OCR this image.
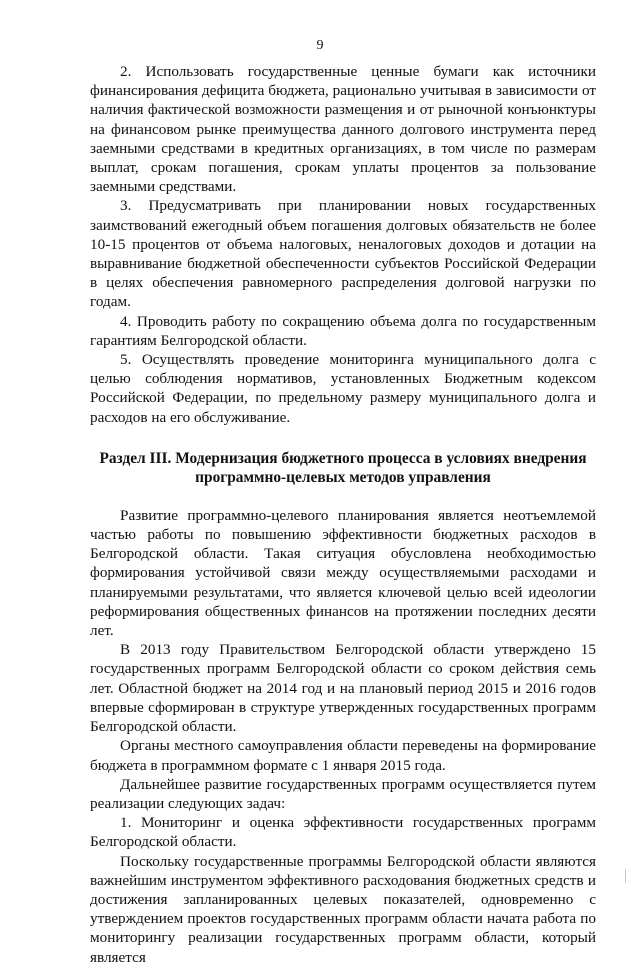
9

2. Использовать государственные ценные бумаги как источники финансирования дефицита бюджета, рационально учитывая в зависимости от наличия фактической возможности размещения и от рыночной конъюнктуры на финансовом рынке преимущества данного долгового инструмента перед заемными средствами в кредитных организациях, в том числе по размерам выплат, срокам погашения, срокам уплаты процентов за пользование заемными средствами.

3. Предусматривать при планировании новых государственных заимствований ежегодный объем погашения долговых обязательств не более 10-15 процентов от объема налоговых, неналоговых доходов и дотации на выравнивание бюджетной обеспеченности субъектов Российской Федерации в целях обеспечения равномерного распределения долговой нагрузки по годам.

4. Проводить работу по сокращению объема долга по государственным гарантиям Белгородской области.

5. Осуществлять проведение мониторинга муниципального долга с целью соблюдения нормативов, установленных Бюджетным кодексом Российской Федерации, по предельному размеру муниципального долга и расходов на его обслуживание.

Раздел III. Модернизация бюджетного процесса в условиях внедрения программно-целевых методов управления

Развитие программно-целевого планирования является неотъемлемой частью работы по повышению эффективности бюджетных расходов в Белгородской области. Такая ситуация обусловлена необходимостью формирования устойчивой связи между осуществляемыми расходами и планируемыми результатами, что является ключевой целью всей идеологии реформирования общественных финансов на протяжении последних десяти лет.

В 2013 году Правительством Белгородской области утверждено 15 государственных программ Белгородской области со сроком действия семь лет. Областной бюджет на 2014 год и на плановый период 2015 и 2016 годов впервые сформирован в структуре утвержденных государственных программ Белгородской области.

Органы местного самоуправления области переведены на формирование бюджета в программном формате с 1 января 2015 года.

Дальнейшее развитие государственных программ осуществляется путем реализации следующих задач:

1. Мониторинг и оценка эффективности государственных программ Белгородской области.

Поскольку государственные программы Белгородской области являются важнейшим инструментом эффективного расходования бюджетных средств и достижения запланированных целевых показателей, одновременно с утверждением проектов государственных программ области начата работа по мониторингу реализации государственных программ области, который является
